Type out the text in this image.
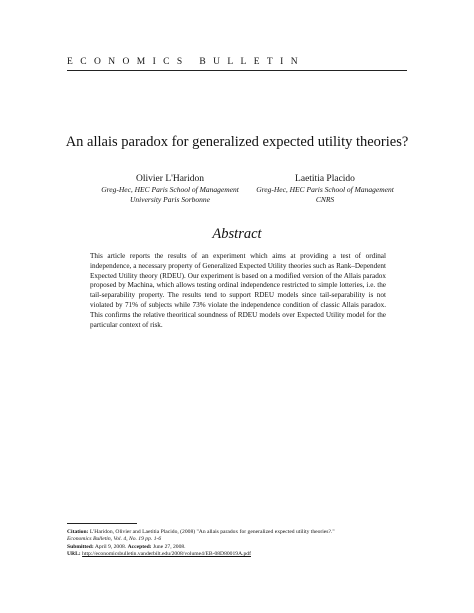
ECONOMICS BULLETIN
An allais paradox for generalized expected utility theories?
Olivier L'Haridon
Greg-Hec, HEC Paris School of Management
University Paris Sorbonne
Laetitia Placido
Greg-Hec, HEC Paris School of Management CNRS
Abstract
This article reports the results of an experiment which aims at providing a test of ordinal independence, a necessary property of Generalized Expected Utility theories such as Rank–Dependent Expected Utility theory (RDEU). Our experiment is based on a modified version of the Allais paradox proposed by Machina, which allows testing ordinal independence restricted to simple lotteries, i.e. the tail-separability property. The results tend to support RDEU models since tail-separability is not violated by 71% of subjects while 73% violate the independence condition of classic Allais paradox. This confirms the relative theoritical soundness of RDEU models over Expected Utility model for the particular context of risk.
Citation: L'Haridon, Olivier and Laetitia Placido, (2008) "An allais paradox for generalized expected utility theories?."
Economics Bulletin, Vol. 4, No. 19 pp. 1-6
Submitted: April 9, 2008. Accepted: June 27, 2008.
URL: http://economicsbulletin.vanderbilt.edu/2008/volume4/EB-08D80019A.pdf
